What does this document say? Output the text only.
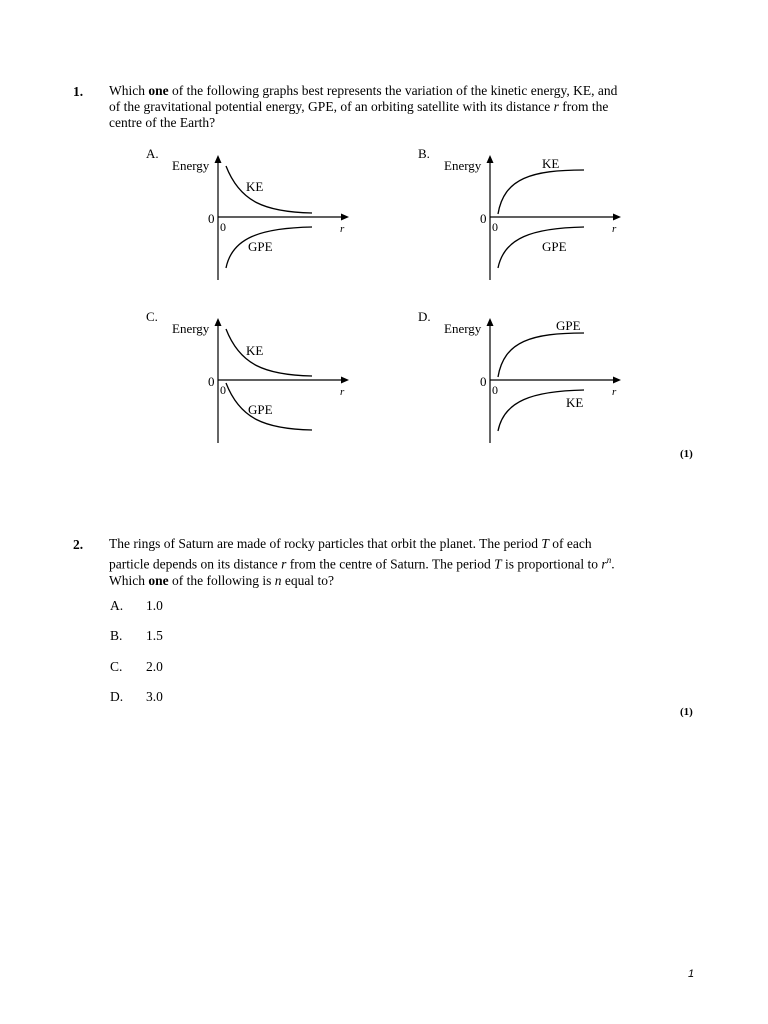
1. Which one of the following graphs best represents the variation of the kinetic energy, KE, and
of the gravitational potential energy, GPE, of an orbiting satellite with its distance r from the
centre of the Earth?
A.	B.
C.	D.
Energy
0
0	r
KE
GPE
Energy
0
0	r
KE
GPE
Energy
0
0	r
KE
GPE
Energy
0
0	r
GPE
KE
(1)
2. The rings of Saturn are made of rocky particles that orbit the planet. The period T of each
particle depends on its distance r from the centre of Saturn. The period T is proportional to $r^n$.
Which one of the following is n equal to?
A. 1.0
B. 1.5
C. 2.0
D. 3.0
(1)
1
